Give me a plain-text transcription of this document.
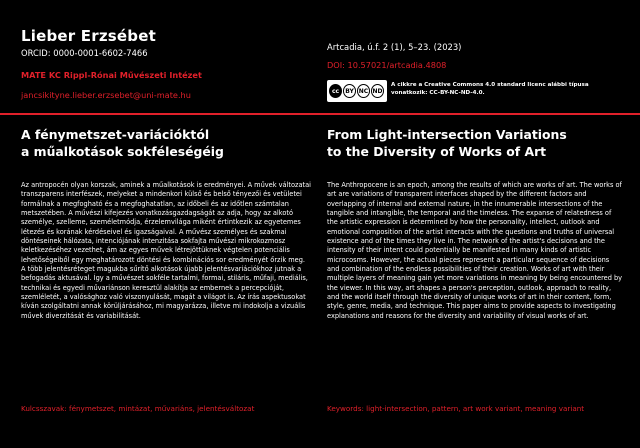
Lieber Erzsébet
ORCID: 0000-0001-6602-7466
MATE KC Rippl-Rónai Művészeti Intézet
jancsikityne.lieber.erzsebet@uni-mate.hu
Artcadia, ú.f. 2 (1), 5–23. (2023)
DOI: 10.57021/artcadia.4808
cc	BY NC ND
A cikkre a Creative Commons 4.0 standard licenc alábbi típusa vonatkozik: CC-BY-NC-ND-4.0.
A fénymetszet-variációktól
a műalkotások sokféleségéig
From Light-intersection Variations
to the Diversity of Works of Art
Az antropocén olyan korszak, aminek a műalkotások is eredményei. A művek változatai transzparens interfészek, melyeket a mindenkori külső és belső tényezői és vetületei formálnak a megfogható és a megfoghatatlan, az időbeli és az időtlen számtalan metszetében. A művészi kifejezés vonatkozásgazdagságát az adja, hogy az alkotó személye, szelleme, személetmódja, érzelemvilága miként értintkezik az egyetemes létezés és korának kérdéseivel és igazságaival. A művész személyes és szakmai döntéseinek hálózata, intenciójának intenzitása sokfajta művészi mikrokozmosz keletkezéséhez vezethet, ám az egyes művek létrejöttüknek végtelen potenciális lehetőségeiből egy meghatározott döntési és kombinációs sor eredményét őrzik meg. A több jelentésréteget magukba sűrítő alkotások újabb jelentésvariációkhoz jutnak a befogadás aktusával. Így a művészet sokféle tartalmi, formai, stiláris, műfaji, mediális, technikai és egyedi művariánson keresztül alakítja az embernek a percepcióját, szemléletét, a valósághoz való viszonyulását, magát a világot is. Az írás aspektusokat kíván szolgáltatni annak körüljárásához, mi magyarázza, illetve mi indokolja a vizuális művek diverzitását és variabilitását.
The Anthropocene is an epoch, among the results of which are works of art. The works of art are variations of transparent interfaces shaped by the different factors and overlapping of internal and external nature, in the innumerable intersections of the tangible and intangible, the temporal and the timeless. The expanse of relatedness of the artistic expression is determined by how the personality, intellect, outlook and emotional composition of the artist interacts with the questions and truths of universal existence and of the times they live in. The network of the artist's decisions and the intensity of their intent could potentially be manifested in many kinds of artistic microcosms. However, the actual pieces represent a particular sequence of decisions and combination of the endless possibilities of their creation. Works of art with their multiple layers of meaning gain yet more variations in meaning by being encountered by the viewer. In this way, art shapes a person's perception, outlook, approach to reality, and the world itself through the diversity of unique works of art in their content, form, style, genre, media, and technique. This paper aims to provide aspects to investigating explanations and reasons for the diversity and variability of visual works of art.
Kulcsszavak: fénymetszet, mintázat, művariáns, jelentésváltozat	Keywords: light-intersection, pattern, art work variant, meaning variant
